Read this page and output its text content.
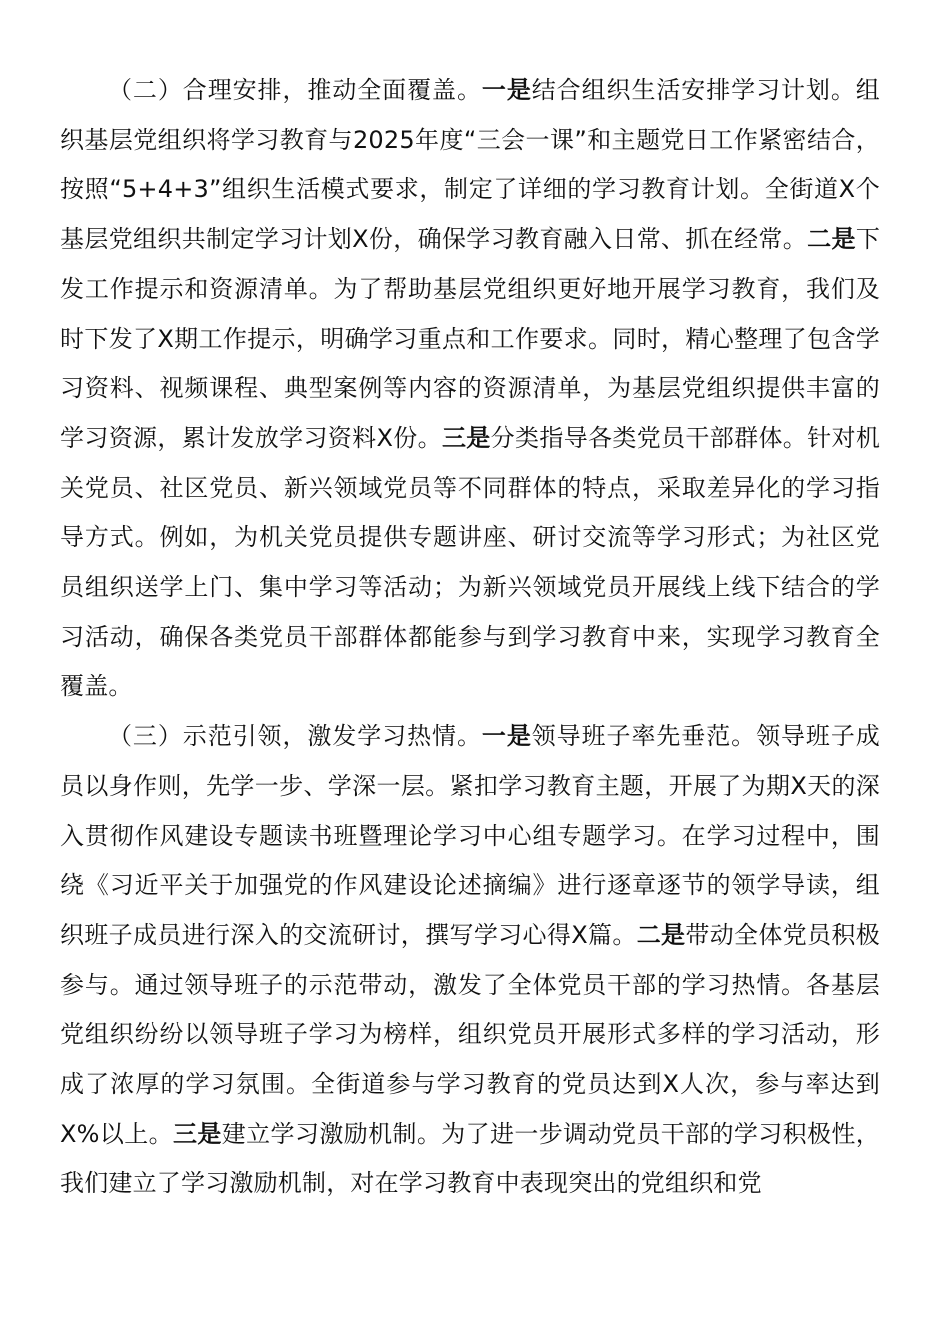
（二）合理安排，推动全面覆盖。一是结合组织生活安排学习计划。组织基层党组织将学习教育与2025年度“三会一课”和主题党日工作紧密结合，按照“5+4+3”组织生活模式要求，制定了详细的学习教育计划。全街道X个基层党组织共制定学习计划X份，确保学习教育融入日常、抓在经常。二是下发工作提示和资源清单。为了帮助基层党组织更好地开展学习教育，我们及时下发了X期工作提示，明确学习重点和工作要求。同时，精心整理了包含学习资料、视频课程、典型案例等内容的资源清单，为基层党组织提供丰富的学习资源，累计发放学习资料X份。三是分类指导各类党员干部群体。针对机关党员、社区党员、新兴领域党员等不同群体的特点，采取差异化的学习指导方式。例如，为机关党员提供专题讲座、研讨交流等学习形式；为社区党员组织送学上门、集中学习等活动；为新兴领域党员开展线上线下结合的学习活动，确保各类党员干部群体都能参与到学习教育中来，实现学习教育全覆盖。

（三）示范引领，激发学习热情。一是领导班子率先垂范。领导班子成员以身作则，先学一步、学深一层。紧扣学习教育主题，开展了为期X天的深入贯彻作风建设专题读书班暨理论学习中心组专题学习。在学习过程中，围绕《习近平关于加强党的作风建设论述摘编》进行逐章逐节的领学导读，组织班子成员进行深入的交流研讨，撰写学习心得X篇。二是带动全体党员积极参与。通过领导班子的示范带动，激发了全体党员干部的学习热情。各基层党组织纷纷以领导班子学习为榜样，组织党员开展形式多样的学习活动，形成了浓厚的学习氛围。全街道参与学习教育的党员达到X人次，参与率达到X%以上。三是建立学习激励机制。为了进一步调动党员干部的学习积极性，我们建立了学习激励机制，对在学习教育中表现突出的党组织和党
